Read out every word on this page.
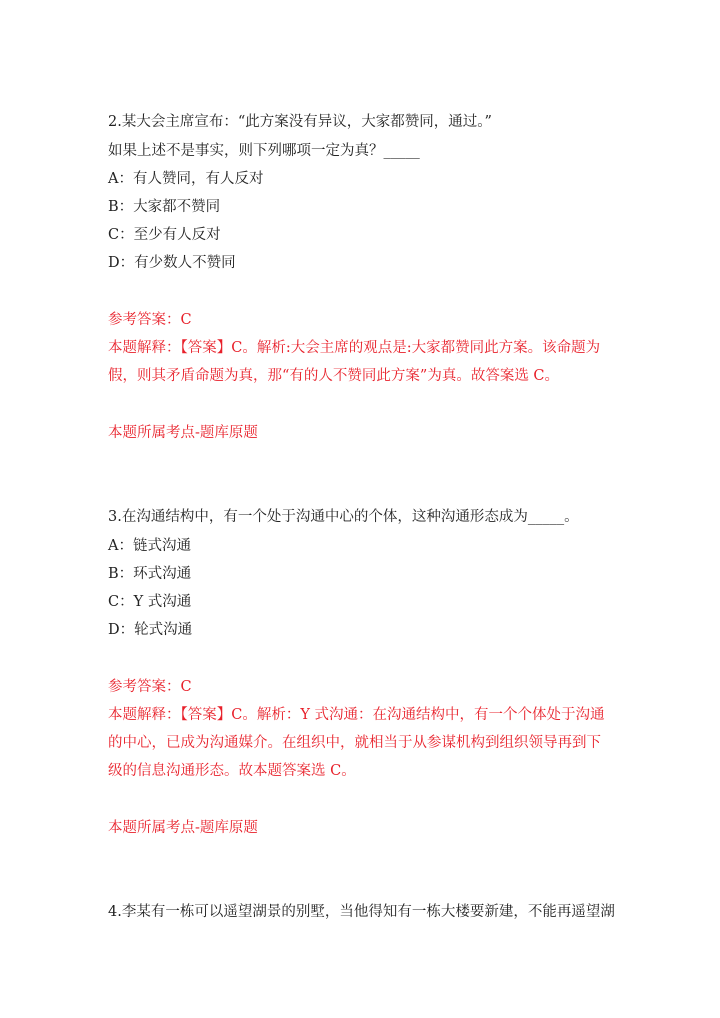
2.某大会主席宣布：“此方案没有异议，大家都赞同，通过。”
如果上述不是事实，则下列哪项一定为真？_____
A：有人赞同，有人反对
B：大家都不赞同
C：至少有人反对
D：有少数人不赞同
参考答案：C
本题解释：【答案】C。解析:大会主席的观点是:大家都赞同此方案。该命题为
假，则其矛盾命题为真，那“有的人不赞同此方案”为真。故答案选 C。
本题所属考点-题库原题
3.在沟通结构中，有一个处于沟通中心的个体，这种沟通形态成为_____。
A：链式沟通
B：环式沟通
C：Y 式沟通
D：轮式沟通
参考答案：C
本题解释：【答案】C。解析：Y 式沟通：在沟通结构中，有一个个体处于沟通
的中心，已成为沟通媒介。在组织中，就相当于从参谋机构到组织领导再到下
级的信息沟通形态。故本题答案选 C。
本题所属考点-题库原题
4.李某有一栋可以遥望湖景的别墅，当他得知有一栋大楼要新建，不能再遥望湖
